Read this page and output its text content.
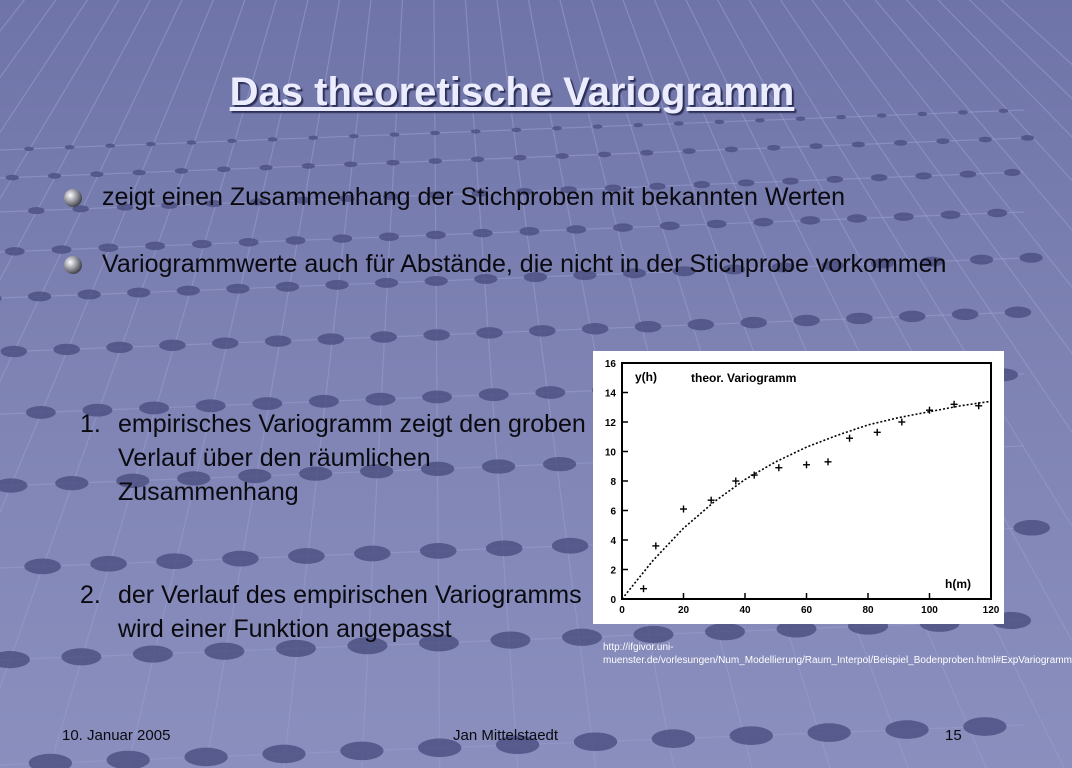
Das theoretische Variogramm
zeigt einen Zusammenhang der Stichproben mit bekannten Werten
Variogrammwerte auch für Abstände, die nicht in der Stichprobe vorkommen
1. empirisches Variogramm zeigt den groben Verlauf über den räumlichen Zusammenhang
2. der Verlauf des empirischen Variogramms wird einer Funktion angepasst
0
2
4
6
8
10
12
14
16
0	20	40	60	80	100	120
y(h)	theor. Variogramm
h(m)
http://ifgivor.uni-muenster.de/vorlesungen/Num_Modellierung/Raum_Interpol/Beispiel_Bodenproben.html#ExpVariogramm
10. Januar 2005	Jan Mittelstaedt	15
